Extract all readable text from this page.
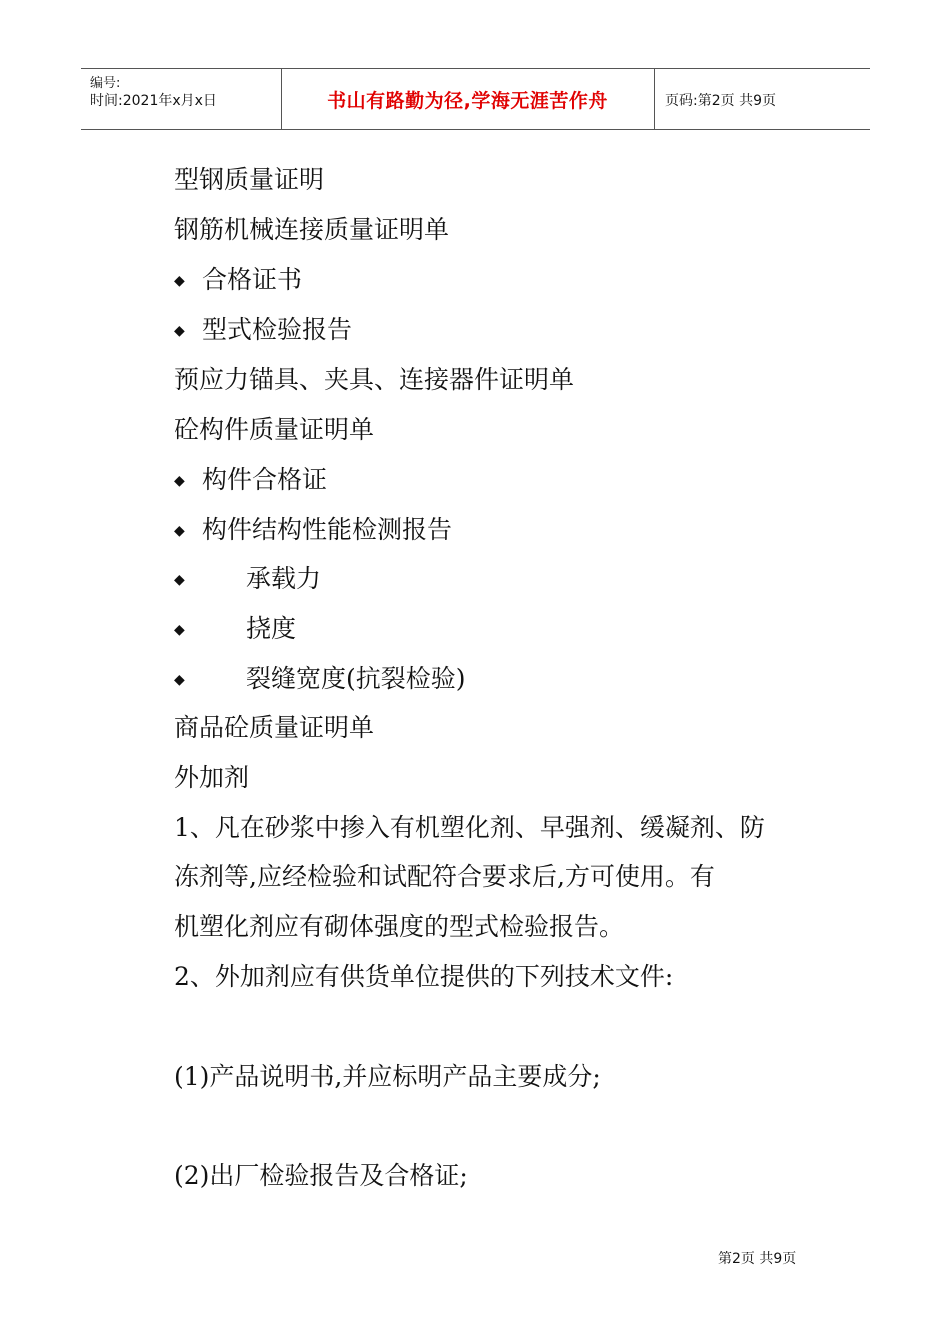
编号:
时间:2021年x月x日	书山有路勤为径,学海无涯苦作舟	页码:第2页 共9页
型钢质量证明
钢筋机械连接质量证明单
◆ 合格证书
◆ 型式检验报告
预应力锚具、夹具、连接器件证明单
砼构件质量证明单
◆ 构件合格证
◆ 构件结构性能检测报告
◆ 承载力
◆ 挠度
◆ 裂缝宽度(抗裂检验)
商品砼质量证明单
外加剂
1、凡在砂浆中掺入有机塑化剂、早强剂、缓凝剂、防
冻剂等,应经检验和试配符合要求后,方可使用。有
机塑化剂应有砌体强度的型式检验报告。
2、外加剂应有供货单位提供的下列技术文件:
(1)产品说明书,并应标明产品主要成分;
(2)出厂检验报告及合格证;
第2页 共9页
